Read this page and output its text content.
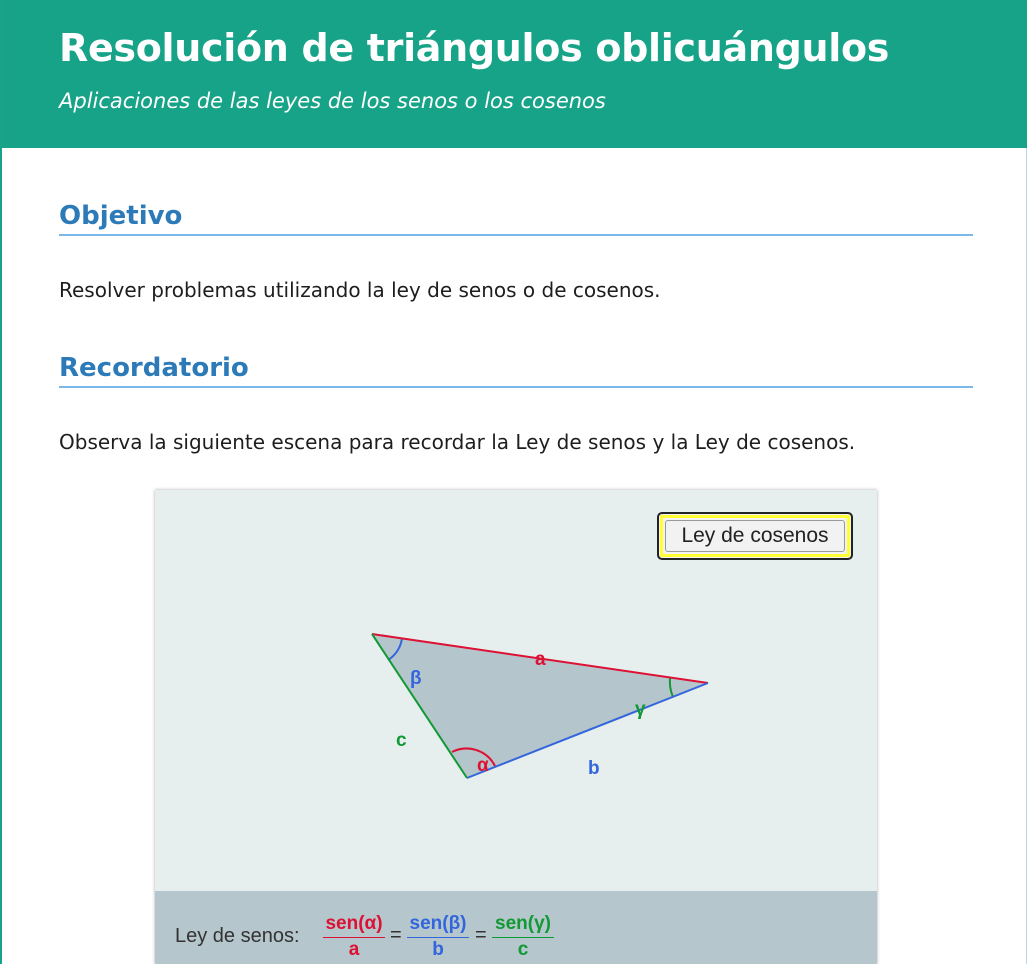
Resolución de triángulos oblicuángulos

Aplicaciones de las leyes de los senos o los cosenos

Objetivo

Resolver problemas utilizando la ley de senos o de cosenos.

Recordatorio

Observa la siguiente escena para recordar la Ley de senos y la Ley de cosenos.

Ley de cosenos
a
b
c
β
α
γ
Ley de senos:
sen(α)
a
=
sen(β)
b
=
sen(γ)
c
